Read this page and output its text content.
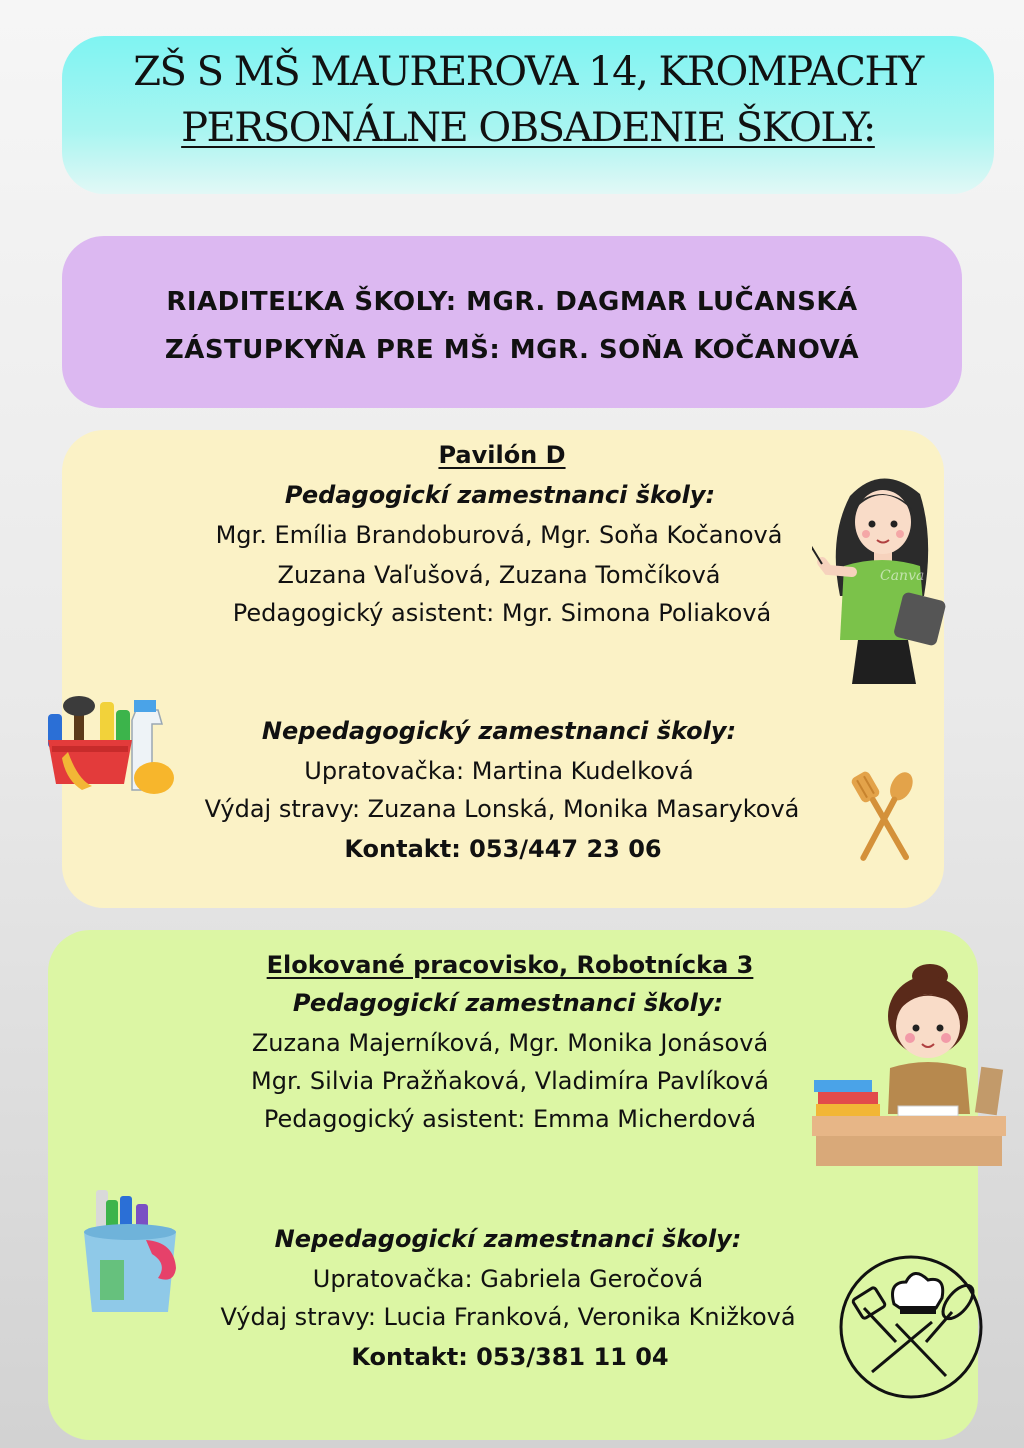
ZŠ S MŠ MAUREROVA 14, KROMPACHY
PERSONÁLNE OBSADENIE ŠKOLY:
RIADITEĽKA ŠKOLY: MGR. DAGMAR LUČANSKÁ
ZÁSTUPKYŇA PRE MŠ: MGR. SOŇA KOČANOVÁ
Pavilón D
Pedagogickí zamestnanci školy:
Mgr. Emília Brandoburová, Mgr. Soňa Kočanová
Zuzana Vaľušová, Zuzana Tomčíková
Pedagogický asistent: Mgr. Simona Poliaková
Nepedagogický zamestnanci školy:
Upratovačka: Martina Kudelková
Výdaj stravy: Zuzana Lonská, Monika Masaryková
Kontakt: 053/447 23 06
Elokované pracovisko, Robotnícka 3
Pedagogickí zamestnanci školy:
Zuzana Majerníková, Mgr. Monika Jonásová
Mgr. Silvia Pražňaková, Vladimíra Pavlíková
Pedagogický asistent: Emma Micherdová
Nepedagogickí zamestnanci školy:
Upratovačka: Gabriela Geročová
Výdaj stravy: Lucia Franková, Veronika Knižková
Kontakt: 053/381 11 04
Canva
